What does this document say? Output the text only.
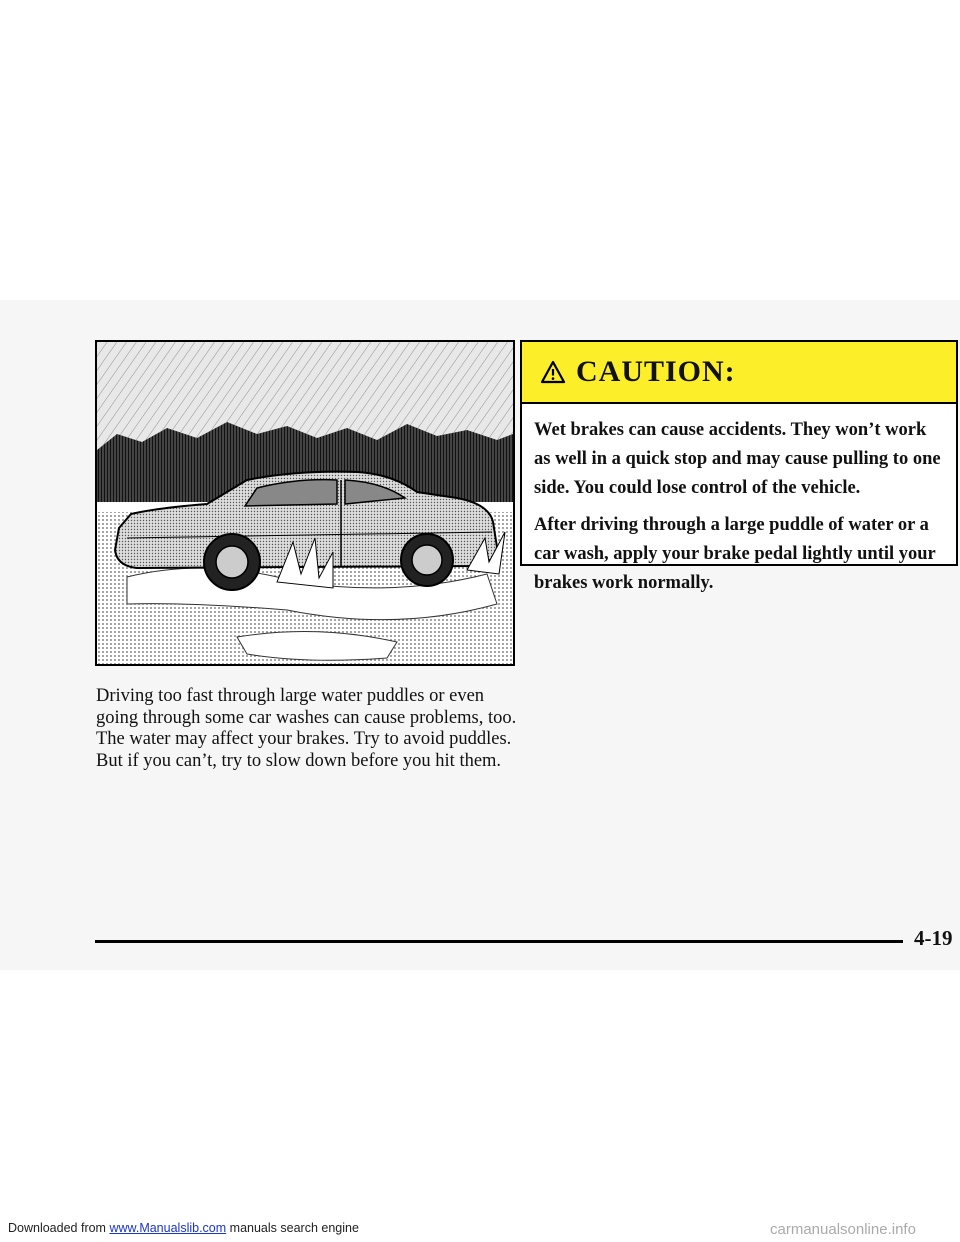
CAUTION:

Wet brakes can cause accidents. They won’t work as well in a quick stop and may cause pulling to one side. You could lose control of the vehicle.

After driving through a large puddle of water or a car wash, apply your brake pedal lightly until your brakes work normally.

Driving too fast through large water puddles or even going through some car washes can cause problems, too. The water may affect your brakes. Try to avoid puddles. But if you can’t, try to slow down before you hit them.

4-19
Downloaded from www.Manualslib.com manuals search engine	carmanualsonline.info
